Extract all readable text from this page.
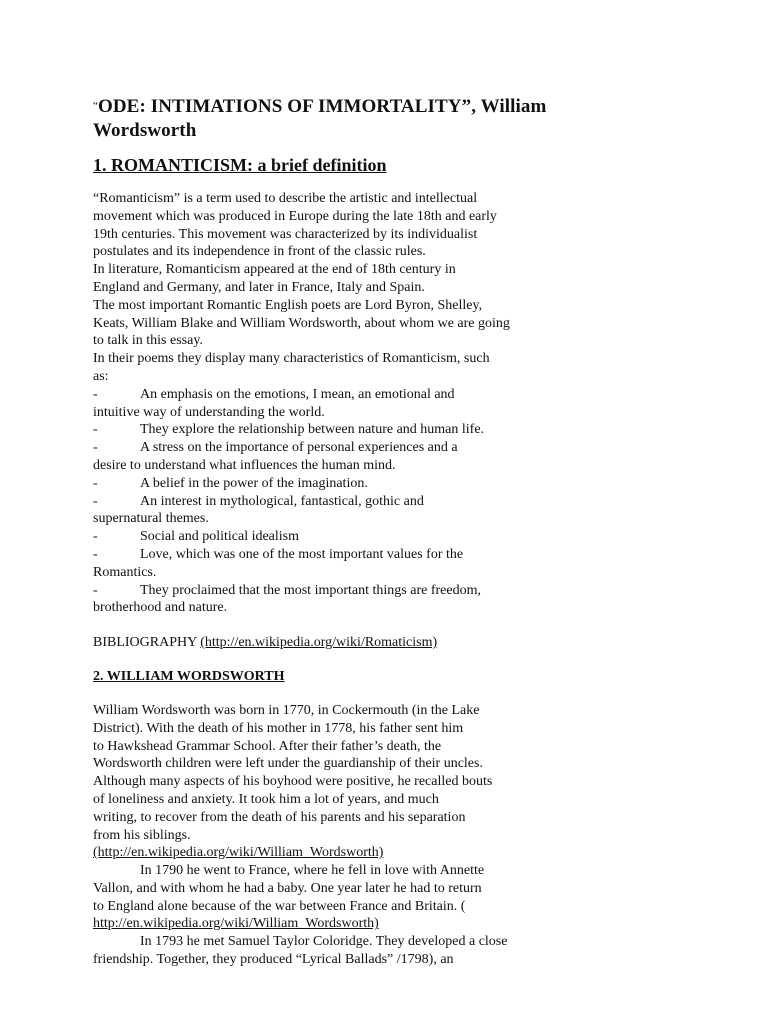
“ODE: INTIMATIONS OF IMMORTALITY”, William
Wordsworth
1. ROMANTICISM: a brief definition
“Romanticism” is a term used to describe the artistic and intellectual
movement which was produced in Europe during the late 18th and early
19th centuries. This movement was characterized by its individualist
postulates and its independence in front of the classic rules.
In literature, Romanticism appeared at the end of 18th century in
England and Germany, and later in France, Italy and Spain.
The most important Romantic English poets are Lord Byron, Shelley,
Keats, William Blake and William Wordsworth, about whom we are going
to talk in this essay.
In their poems they display many characteristics of Romanticism, such
as:
-	An emphasis on the emotions, I mean, an emotional and
intuitive way of understanding the world.
-	They explore the relationship between nature and human life.
-	A stress on the importance of personal experiences and a
desire to understand what influences the human mind.
-	A belief in the power of the imagination.
-	An interest in mythological, fantastical, gothic and
supernatural themes.
-	Social and political idealism
-	Love, which was one of the most important values for the
Romantics.
-	They proclaimed that the most important things are freedom,
brotherhood and nature.
BIBLIOGRAPHY (http://en.wikipedia.org/wiki/Romaticism)
2. WILLIAM WORDSWORTH
William Wordsworth was born in 1770, in Cockermouth (in the Lake
District). With the death of his mother in 1778, his father sent him
to Hawkshead Grammar School. After their father’s death, the
Wordsworth children were left under the guardianship of their uncles.
Although many aspects of his boyhood were positive, he recalled bouts
of loneliness and anxiety. It took him a lot of years, and much
writing, to recover from the death of his parents and his separation
from his siblings.
(http://en.wikipedia.org/wiki/William_Wordsworth)
In 1790 he went to France, where he fell in love with Annette
Vallon, and with whom he had a baby. One year later he had to return
to England alone because of the war between France and Britain. (
http://en.wikipedia.org/wiki/William_Wordsworth)
In 1793 he met Samuel Taylor Coloridge. They developed a close
friendship. Together, they produced “Lyrical Ballads” /1798), an
